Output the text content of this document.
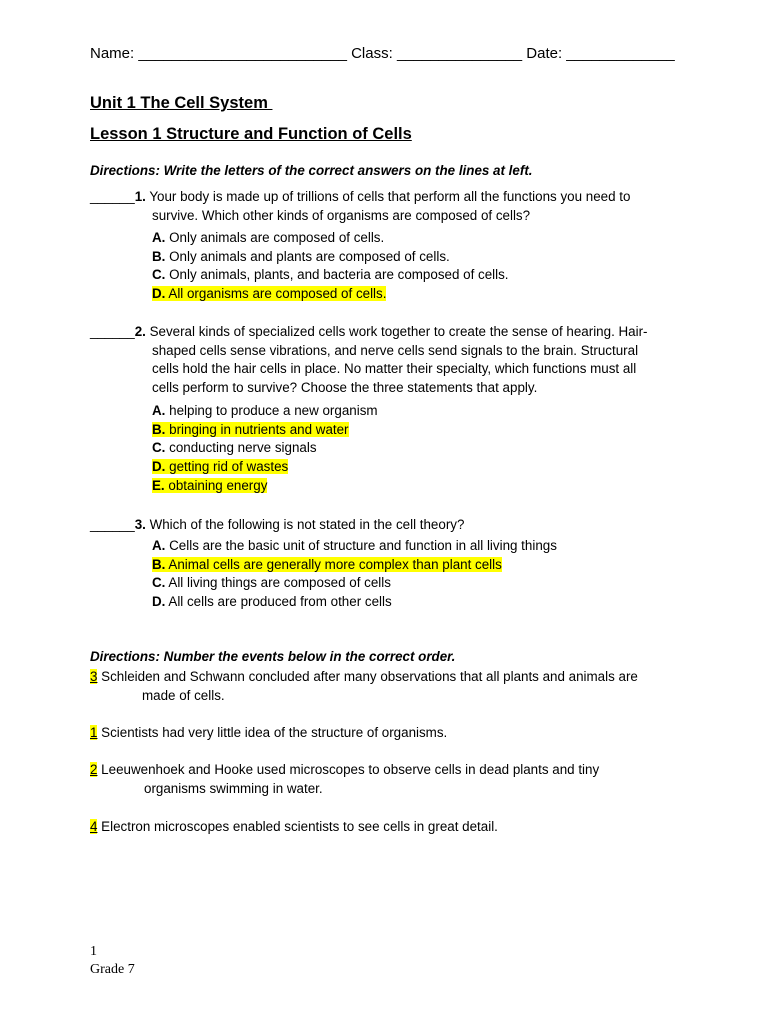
Name: _________________________ Class: _______________ Date: _____________
Unit 1 The Cell System
Lesson 1 Structure and Function of Cells
Directions: Write the letters of the correct answers on the lines at left.
______1. Your body is made up of trillions of cells that perform all the functions you need to
survive. Which other kinds of organisms are composed of cells?
A. Only animals are composed of cells.
B. Only animals and plants are composed of cells.
C. Only animals, plants, and bacteria are composed of cells.
D. All organisms are composed of cells.
______2. Several kinds of specialized cells work together to create the sense of hearing. Hair-
shaped cells sense vibrations, and nerve cells send signals to the brain. Structural
cells hold the hair cells in place. No matter their specialty, which functions must all
cells perform to survive? Choose the three statements that apply.
A. helping to produce a new organism
B. bringing in nutrients and water
C. conducting nerve signals
D. getting rid of wastes
E. obtaining energy
______3. Which of the following is not stated in the cell theory?
A. Cells are the basic unit of structure and function in all living things
B. Animal cells are generally more complex than plant cells
C. All living things are composed of cells
D. All cells are produced from other cells
Directions: Number the events below in the correct order.
3 Schleiden and Schwann concluded after many observations that all plants and animals are
made of cells.
1 Scientists had very little idea of the structure of organisms.
2 Leeuwenhoek and Hooke used microscopes to observe cells in dead plants and tiny
organisms swimming in water.
4 Electron microscopes enabled scientists to see cells in great detail.
1
Grade 7
